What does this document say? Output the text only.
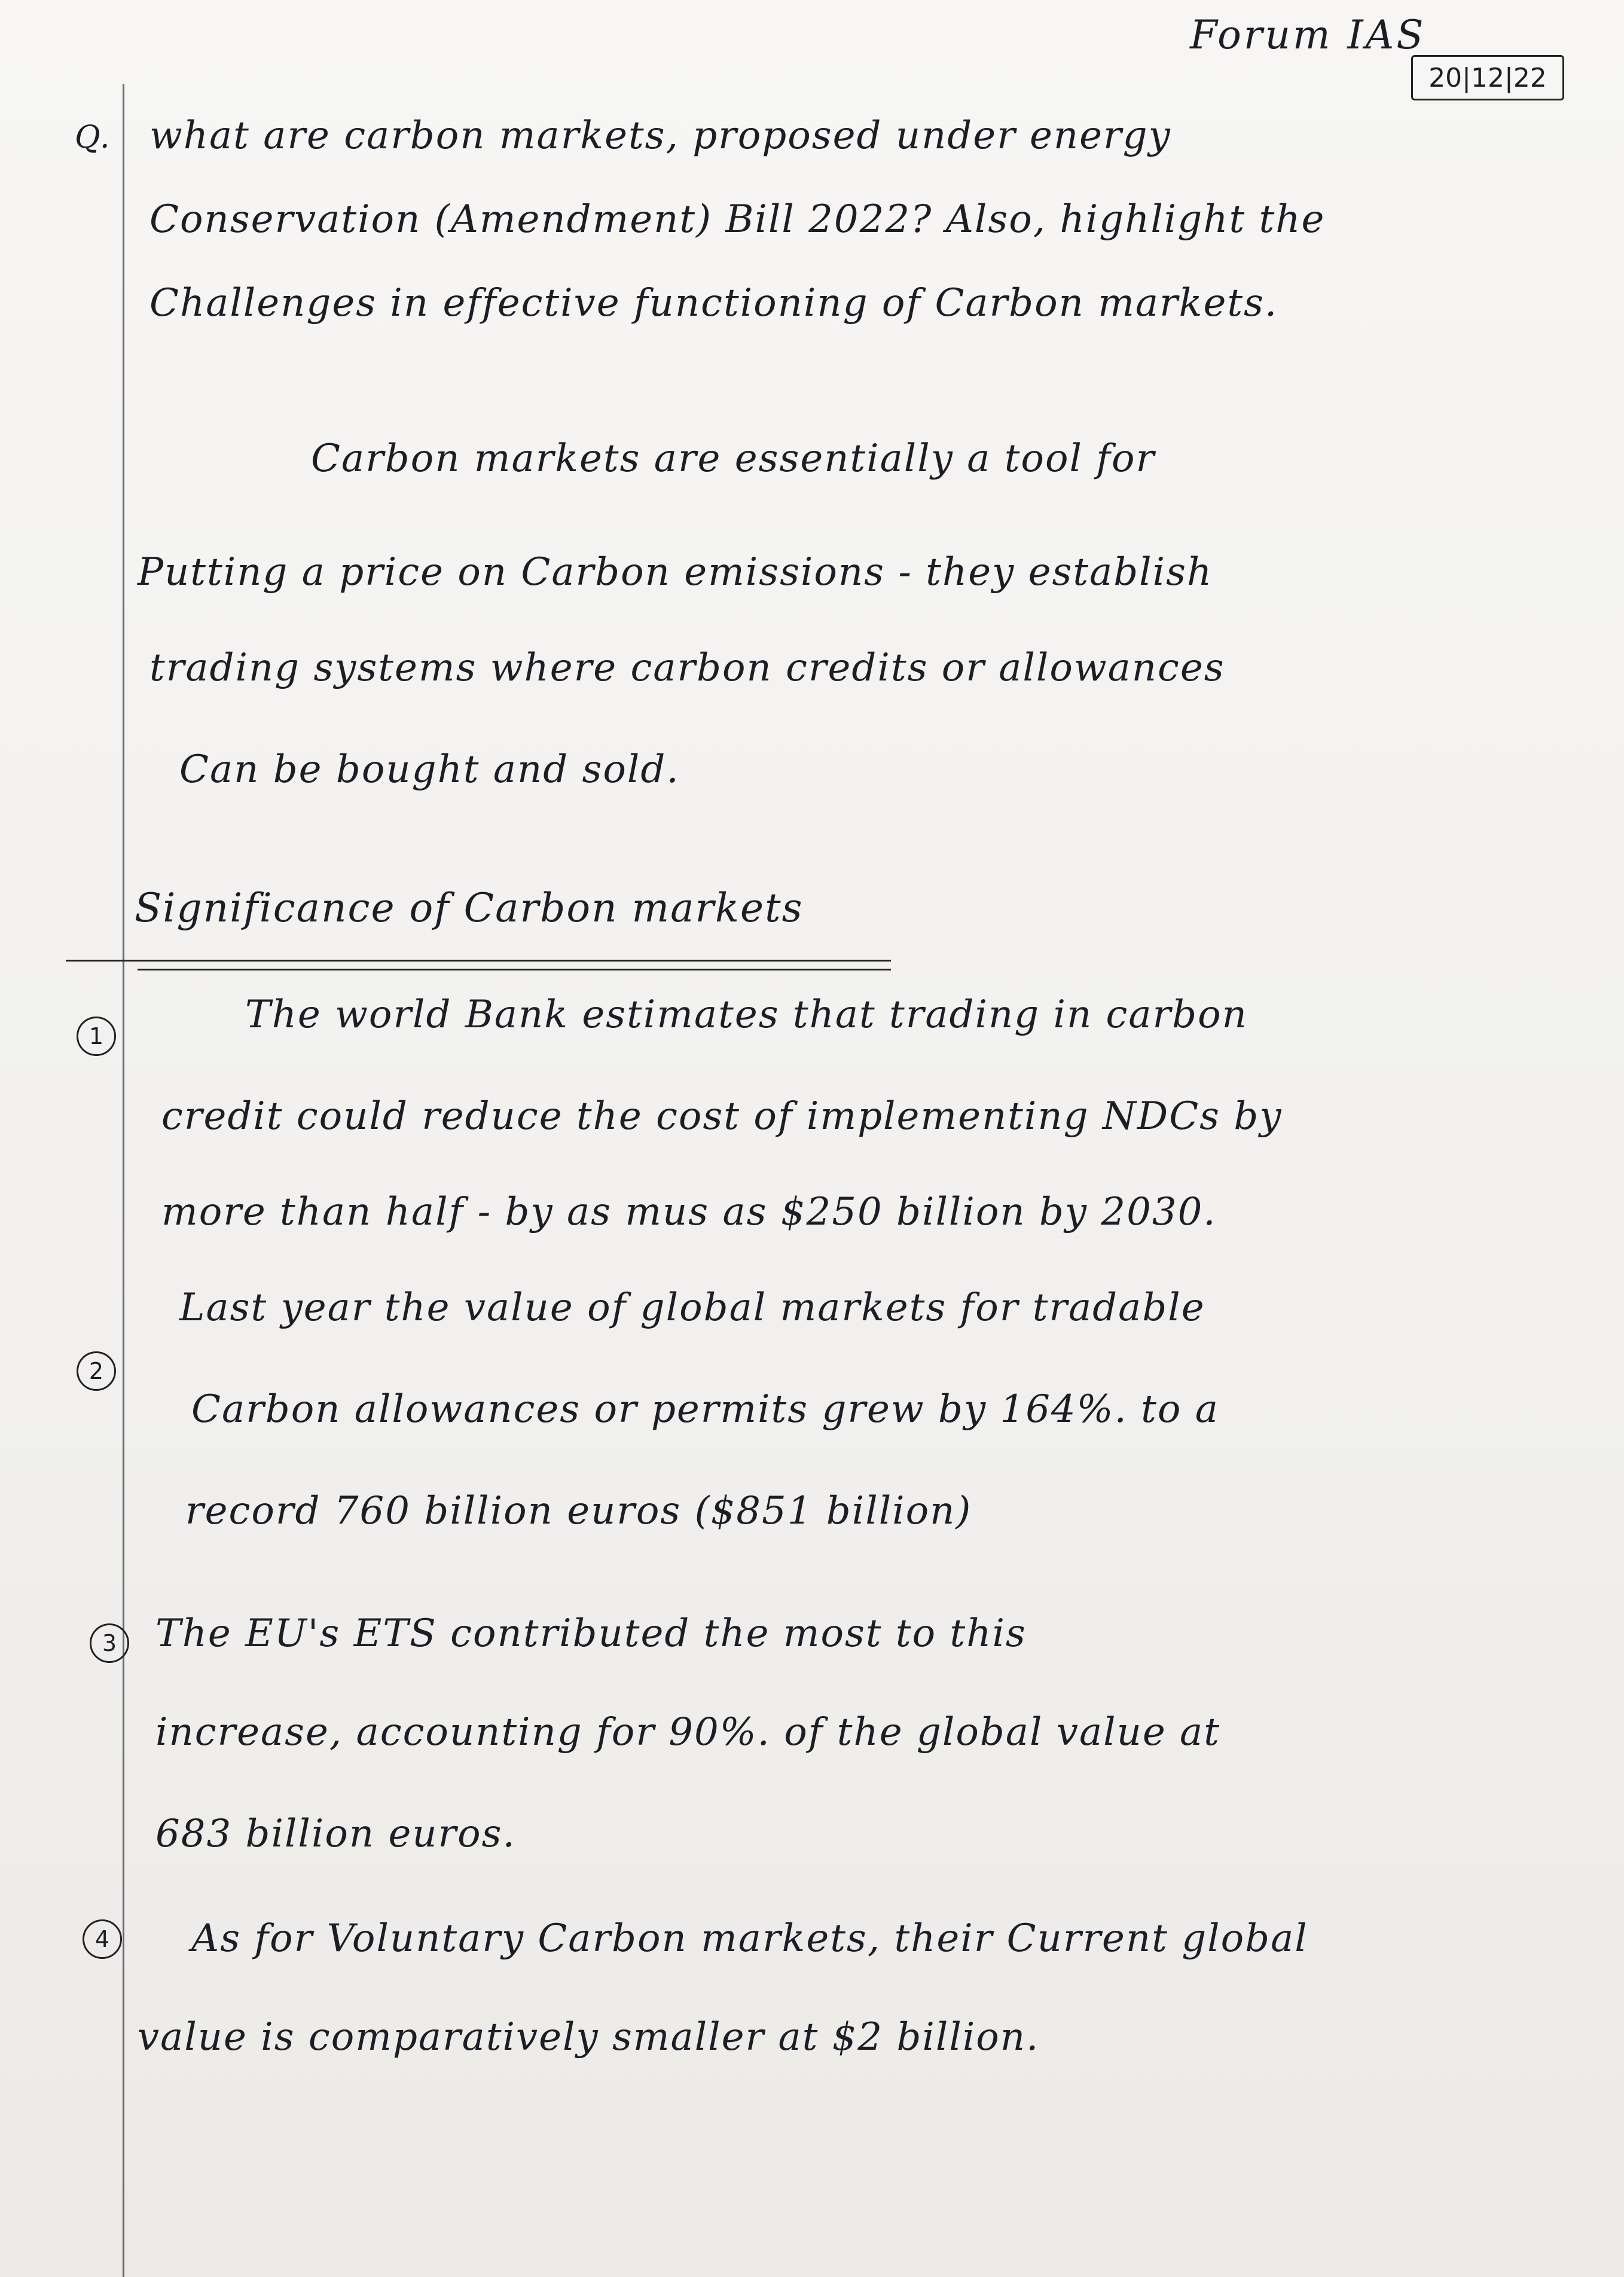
Forum IAS
20|12|22
Q. what are carbon markets, proposed under energy
Conservation (Amendment) Bill 2022? Also, highlight the
Challenges in effective functioning of Carbon markets.
Carbon markets are essentially a tool for
Putting a price on Carbon emissions - they establish
trading systems where carbon credits or allowances
Can be bought and sold.
Significance of Carbon markets
1	The world Bank estimates that trading in carbon
credit could reduce the cost of implementing NDCs by
more than half - by as mus as $250 billion by 2030.
2
Last year the value of global markets for tradable
Carbon allowances or permits grew by 164%. to a
record 760 billion euros ($851 billion)
3	The EU's ETS contributed the most to this
increase, accounting for 90%. of the global value at
683 billion euros.
4	As for Voluntary Carbon markets, their Current global
value is comparatively smaller at $2 billion.
